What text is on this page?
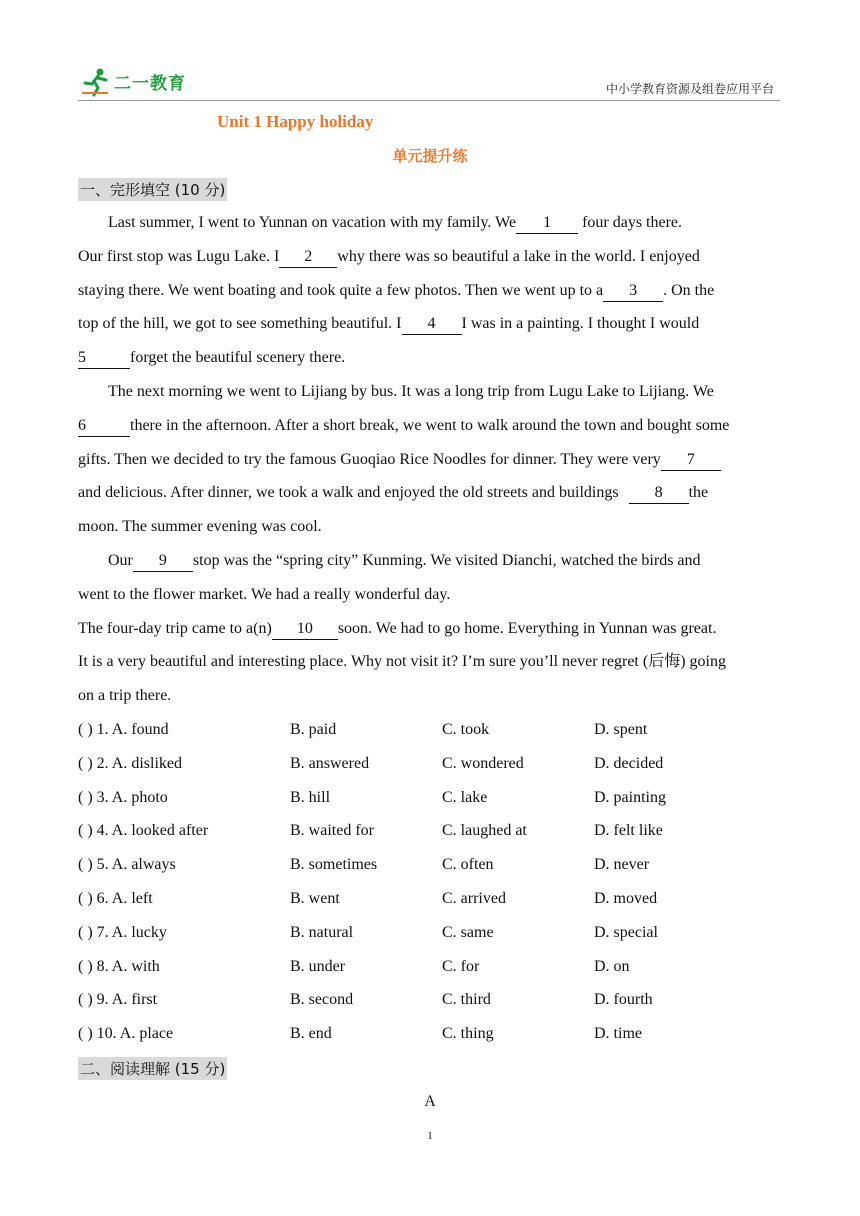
二一教育	中小学教育资源及组卷应用平台
Unit 1 Happy holiday
单元提升练
一、完形填空 (10 分)
Last summer, I went to Yunnan on vacation with my family. We 1 four days there.
Our first stop was Lugu Lake. I 2 why there was so beautiful a lake in the world. I enjoyed
staying there. We went boating and took quite a few photos. Then we went up to a 3 . On the
top of the hill, we got to see something beautiful. I 4 I was in a painting. I thought I would
5	forget the beautiful scenery there.
The next morning we went to Lijiang by bus. It was a long trip from Lugu Lake to Lijiang. We
6	there in the afternoon. After a short break, we went to walk around the town and bought some
gifts. Then we decided to try the famous Guoqiao Rice Noodles for dinner. They were very 7
and delicious. After dinner, we took a walk and enjoyed the old streets and buildings 8 the
moon. The summer evening was cool.
Our 9 stop was the “spring city” Kunming. We visited Dianchi, watched the birds and
went to the flower market. We had a really wonderful day.
The four-day trip came to a(n) 10 soon. We had to go home. Everything in Yunnan was great.
It is a very beautiful and interesting place. Why not visit it? I’m sure you’ll never regret (后悔) going
on a trip there.
( ) 1. A. found	B. paid	C. took	D. spent
( ) 2. A. disliked	B. answered	C. wondered	D. decided
( ) 3. A. photo	B. hill	C. lake	D. painting
( ) 4. A. looked after	B. waited for	C. laughed at	D. felt like
( ) 5. A. always	B. sometimes	C. often	D. never
( ) 6. A. left	B. went	C. arrived	D. moved
( ) 7. A. lucky	B. natural	C. same	D. special
( ) 8. A. with	B. under	C. for	D. on
( ) 9. A. first	B. second	C. third	D. fourth
( ) 10. A. place	B. end	C. thing	D. time
二、阅读理解 (15 分)
A
1
